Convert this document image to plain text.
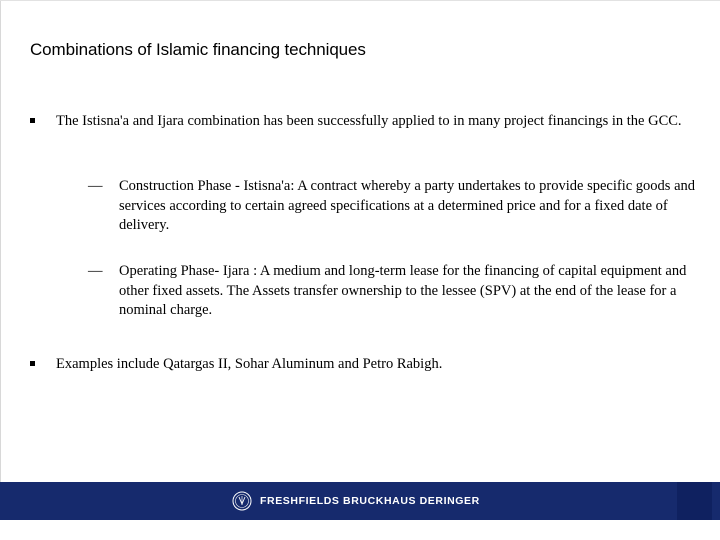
Combinations of Islamic financing techniques
The Istisna'a and Ijara combination has been successfully applied to in many project financings in the GCC.
— Construction Phase - Istisna'a: A contract whereby a party undertakes to provide specific goods and services according to certain agreed specifications at a determined price and for a fixed date of delivery.
— Operating Phase- Ijara : A medium and long-term lease for the financing of capital equipment and other fixed assets. The Assets transfer ownership to the lessee (SPV) at the end of the lease for a nominal charge.
Examples include Qatargas II, Sohar Aluminum and Petro Rabigh.
FRESHFIELDS BRUCKHAUS DERINGER
